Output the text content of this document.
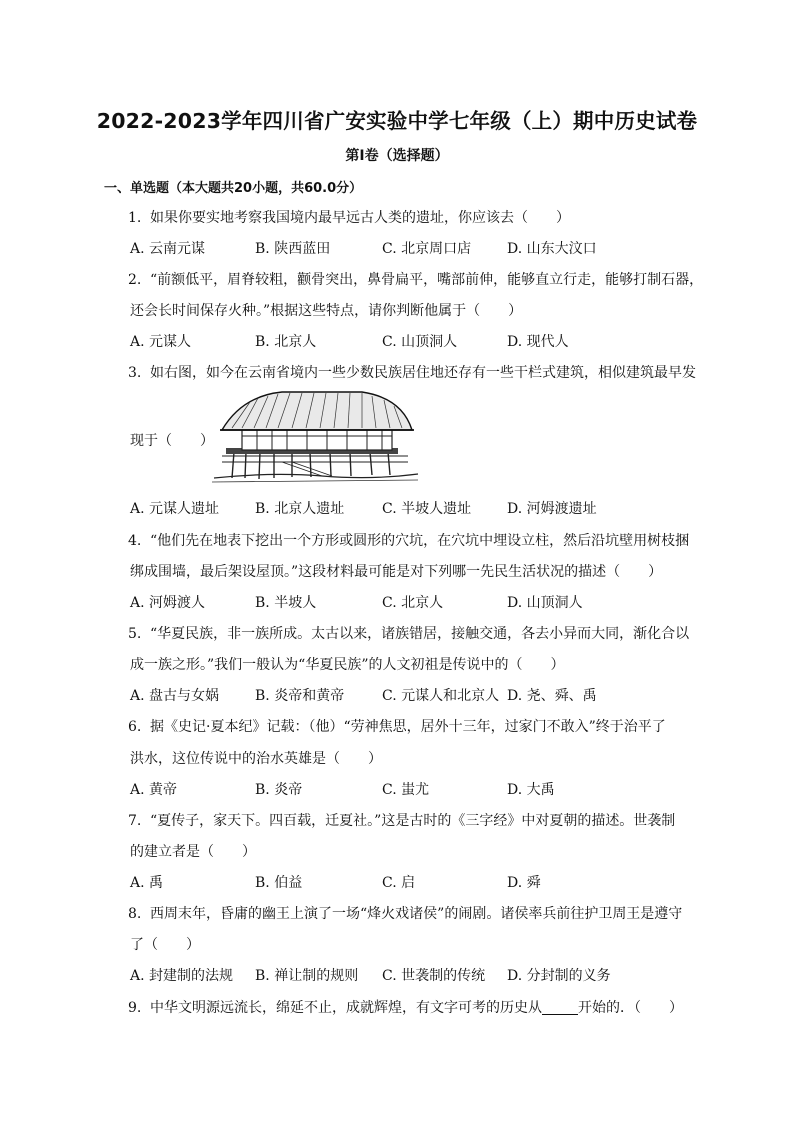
2022-2023学年四川省广安实验中学七年级（上）期中历史试卷
第Ⅰ卷（选择题）
一、单选题（本大题共20小题，共60.0分）
1. 如果你要实地考察我国境内最早远古人类的遗址，你应该去（　　）
A. 云南元谋	B. 陕西蓝田	C. 北京周口店	D. 山东大汶口
2. “前额低平，眉脊较粗，颧骨突出，鼻骨扁平，嘴部前伸，能够直立行走，能够打制石器，
还会长时间保存火种。”根据这些特点，请你判断他属于（　　）
A. 元谋人	B. 北京人	C. 山顶洞人	D. 现代人
3. 如右图，如今在云南省境内一些少数民族居住地还存有一些干栏式建筑，相似建筑最早发
现于（　　）
A. 元谋人遗址	B. 北京人遗址	C. 半坡人遗址	D. 河姆渡遗址
4. “他们先在地表下挖出一个方形或圆形的穴坑，在穴坑中埋设立柱，然后沿坑壁用树枝捆
绑成围墙，最后架设屋顶。”这段材料最可能是对下列哪一先民生活状况的描述（　　）
A. 河姆渡人	B. 半坡人	C. 北京人	D. 山顶洞人
5. “华夏民族，非一族所成。太古以来，诸族错居，接触交通，各去小异而大同，渐化合以
成一族之形。”我们一般认为“华夏民族”的人文初祖是传说中的（　　）
A. 盘古与女娲	B. 炎帝和黄帝	C. 元谋人和北京人 D. 尧、舜、禹
6. 据《史记·夏本纪》记载：（他）“劳神焦思，居外十三年，过家门不敢入”终于治平了
洪水，这位传说中的治水英雄是（　　）
A. 黄帝	B. 炎帝	C. 蚩尤	D. 大禹
7. “夏传子，家天下。四百载，迁夏社。”这是古时的《三字经》中对夏朝的描述。世袭制
的建立者是（　　）
A. 禹	B. 伯益	C. 启	D. 舜
8. 西周末年，昏庸的幽王上演了一场“烽火戏诸侯”的闹剧。诸侯率兵前往护卫周王是遵守
了（　　）
A. 封建制的法规 B. 禅让制的规则 C. 世袭制的传统 D. 分封制的义务
9. 中华文明源远流长，绵延不止，成就辉煌，有文字可考的历史从	开始的．（　　）
